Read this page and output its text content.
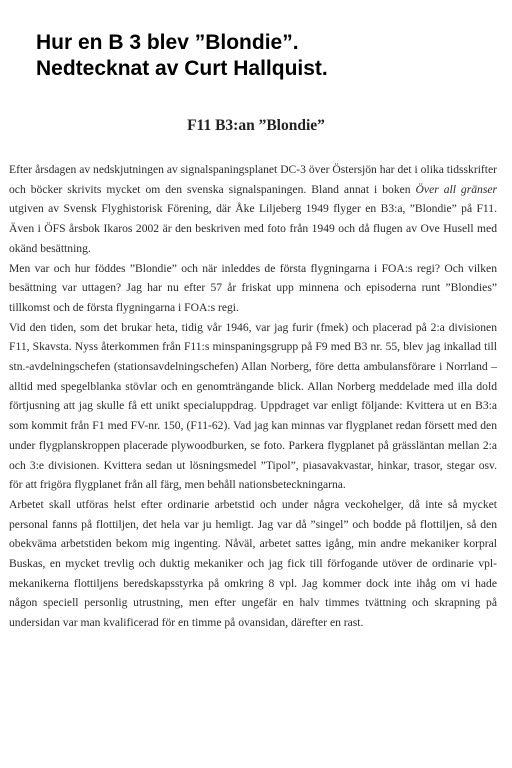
Hur en B 3 blev ”Blondie”.
Nedtecknat av Curt Hallquist.
F11 B3:an ”Blondie”

Efter årsdagen av nedskjutningen av signalspaningsplanet DC-3 över Östersjön har det i olika tidsskrifter och böcker skrivits mycket om den svenska signalspaningen. Bland annat i boken Över all gränser utgiven av Svensk Flyghistorisk Förening, där Åke Liljeberg 1949 flyger en B3:a, ”Blondie” på F11. Även i ÖFS årsbok Ikaros 2002 är den beskriven med foto från 1949 och då flugen av Ove Husell med okänd besättning.

Men var och hur föddes ”Blondie” och när inleddes de första flygningarna i FOA:s regi? Och vilken besättning var uttagen? Jag har nu efter 57 år friskat upp minnena och episoderna runt ”Blondies” tillkomst och de första flygningarna i FOA:s regi.

Vid den tiden, som det brukar heta, tidig vår 1946, var jag furir (fmek) och placerad på 2:a divisionen F11, Skavsta. Nyss återkommen från F11:s minspaningsgrupp på F9 med B3 nr. 55, blev jag inkallad till stn.-avdelningschefen (stationsavdelningschefen) Allan Norberg, före detta ambulansförare i Norrland – alltid med spegelblanka stövlar och en genomträngande blick. Allan Norberg meddelade med illa dold förtjusning att jag skulle få ett unikt specialuppdrag. Uppdraget var enligt följande: Kvittera ut en B3:a som kommit från F1 med FV-nr. 150, (F11-62). Vad jag kan minnas var flygplanet redan försett med den under flygplanskroppen placerade plywoodburken, se foto. Parkera flygplanet på grässläntan mellan 2:a och 3:e divisionen. Kvittera sedan ut lösningsmedel ”Tipol”, piasavakvastar, hinkar, trasor, stegar osv. för att frigöra flygplanet från all färg, men behåll nationsbeteckningarna.

Arbetet skall utföras helst efter ordinarie arbetstid och under några veckohelger, då inte så mycket personal fanns på flottiljen, det hela var ju hemligt. Jag var då ”singel” och bodde på flottiljen, så den obekväma arbetstiden bekom mig ingenting. Nåväl, arbetet sattes igång, min andre mekaniker korpral Buskas, en mycket trevlig och duktig mekaniker och jag fick till förfogande utöver de ordinarie vpl-mekanikerna flottiljens beredskapsstyrka på omkring 8 vpl. Jag kommer dock inte ihåg om vi hade någon speciell personlig utrustning, men efter ungefär en halv timmes tvättning och skrapning på undersidan var man kvalificerad för en timme på ovansidan, därefter en rast.
